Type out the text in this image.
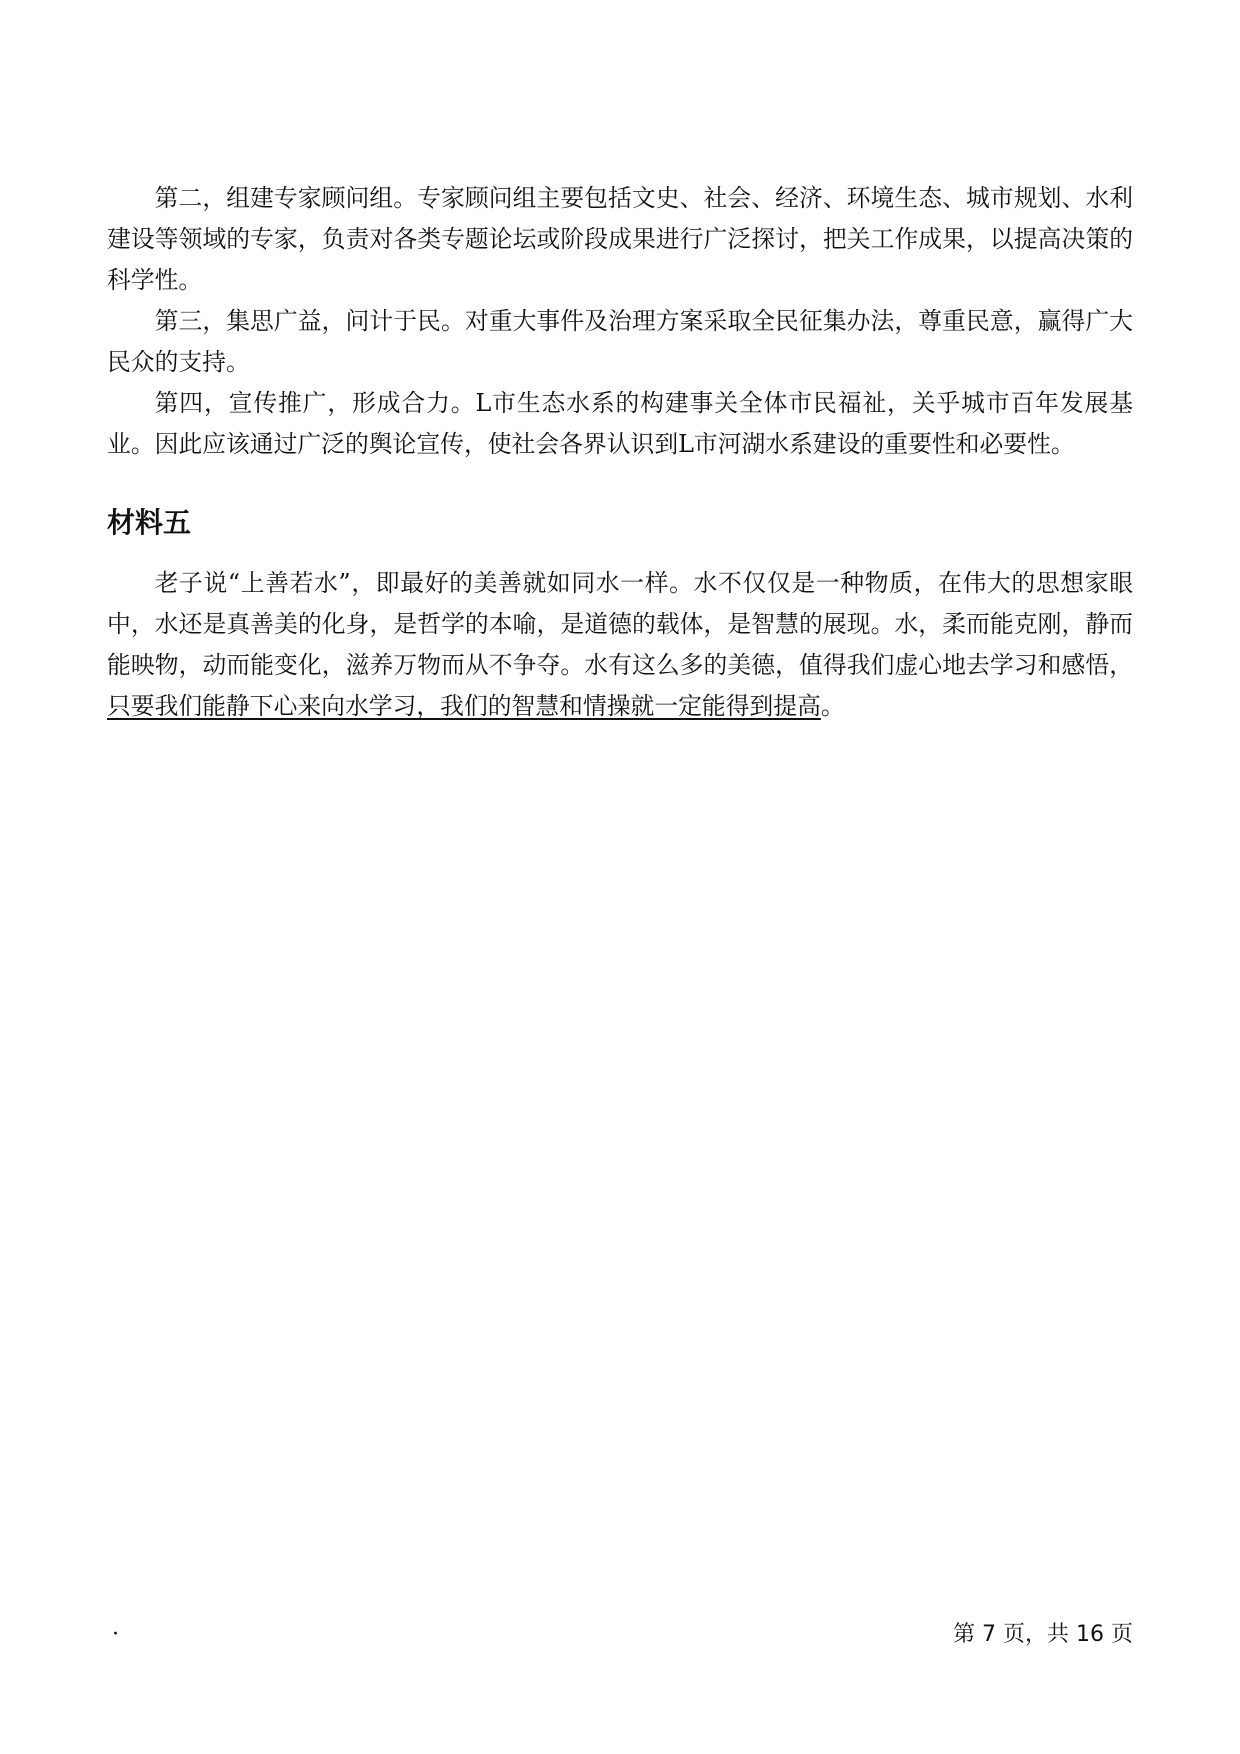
第二，组建专家顾问组。专家顾问组主要包括文史、社会、经济、环境生态、城市规划、水利建设等领域的专家，负责对各类专题论坛或阶段成果进行广泛探讨，把关工作成果，以提高决策的科学性。

第三，集思广益，问计于民。对重大事件及治理方案采取全民征集办法，尊重民意，赢得广大民众的支持。

第四，宣传推广，形成合力。L市生态水系的构建事关全体市民福祉，关乎城市百年发展基业。因此应该通过广泛的舆论宣传，使社会各界认识到L市河湖水系建设的重要性和必要性。

材料五

老子说“上善若水”，即最好的美善就如同水一样。水不仅仅是一种物质，在伟大的思想家眼中，水还是真善美的化身，是哲学的本喻，是道德的载体，是智慧的展现。水，柔而能克刚，静而能映物，动而能变化，滋养万物而从不争夺。水有这么多的美德，值得我们虚心地去学习和感悟，只要我们能静下心来向水学习，我们的智慧和情操就一定能得到提高。

·	第 7 页，共 16 页
